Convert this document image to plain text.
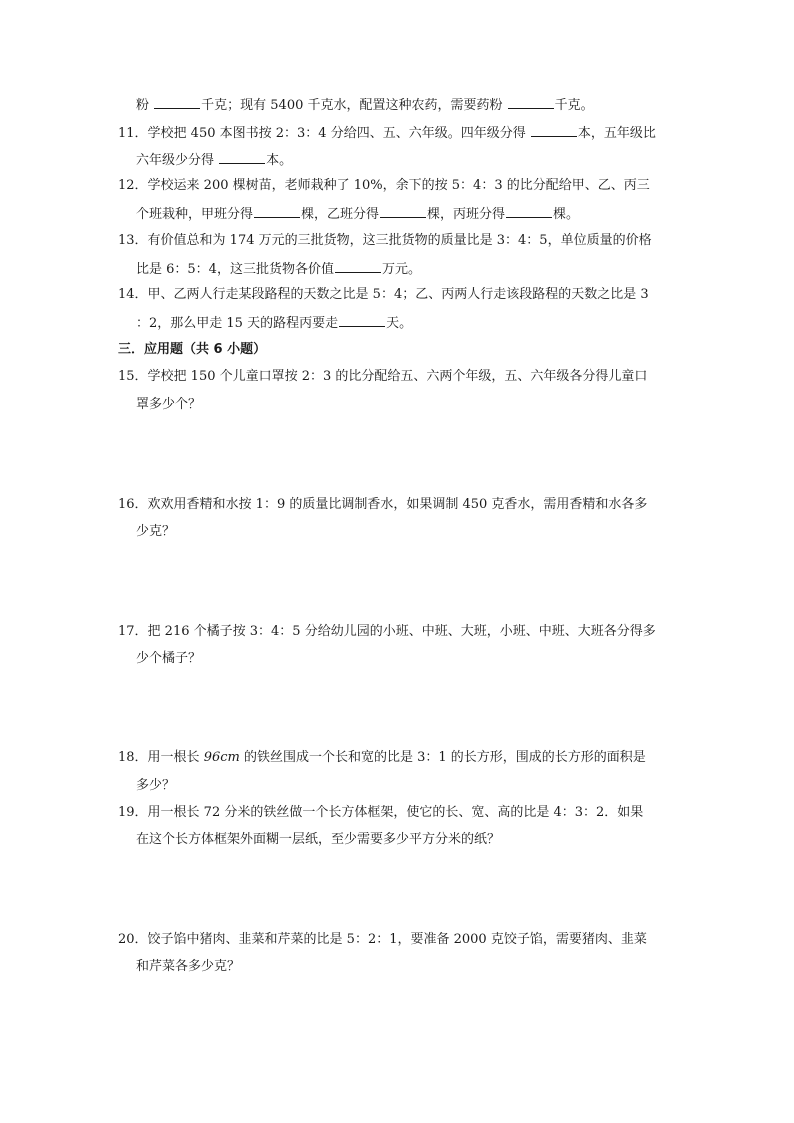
粉	千克；现有 5400 千克水，配置这种农药，需要药粉	千克。
11．学校把 450 本图书按 2：3：4 分给四、五、六年级。四年级分得	本，五年级比
六年级少分得	本。
12．学校运来 200 棵树苗，老师栽种了 10%，余下的按 5：4：3 的比分配给甲、乙、丙三
个班栽种，甲班分得	棵，乙班分得	棵，丙班分得	棵。
13．有价值总和为 174 万元的三批货物，这三批货物的质量比是 3：4：5，单位质量的价格
比是 6：5：4，这三批货物各价值	万元。
14．甲、乙两人行走某段路程的天数之比是 5：4；乙、丙两人行走该段路程的天数之比是 3
：2，那么甲走 15 天的路程丙要走	天。
三．应用题（共 6 小题）
15．学校把 150 个儿童口罩按 2：3 的比分配给五、六两个年级，五、六年级各分得儿童口
罩多少个？
16．欢欢用香精和水按 1：9 的质量比调制香水，如果调制 450 克香水，需用香精和水各多
少克？
17．把 216 个橘子按 3：4：5 分给幼儿园的小班、中班、大班，小班、中班、大班各分得多
少个橘子？
18．用一根长 96cm 的铁丝围成一个长和宽的比是 3：1 的长方形，围成的长方形的面积是
多少？
19．用一根长 72 分米的铁丝做一个长方体框架，使它的长、宽、高的比是 4：3：2．如果
在这个长方体框架外面糊一层纸，至少需要多少平方分米的纸？
20．饺子馅中猪肉、韭菜和芹菜的比是 5：2：1，要准备 2000 克饺子馅，需要猪肉、韭菜
和芹菜各多少克？
